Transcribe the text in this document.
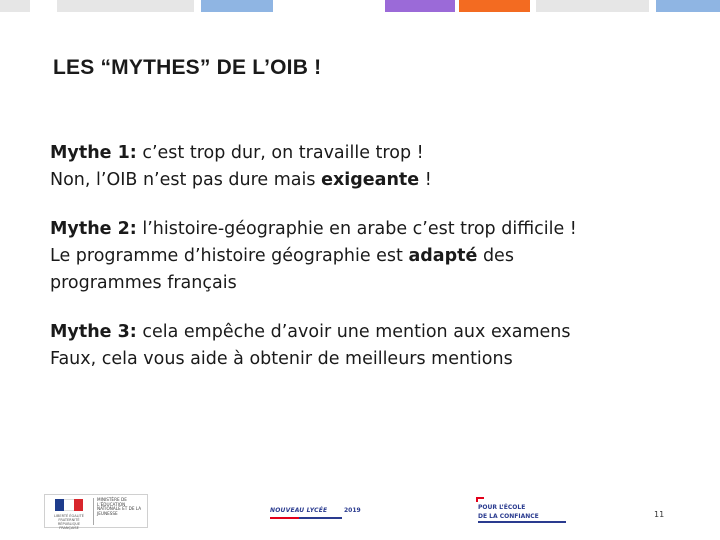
LES “MYTHES” DE L’OIB !

Mythe 1: c’est trop dur, on travaille trop !

Non, l’OIB n’est pas dure mais exigeante !

Mythe 2: l’histoire-géographie en arabe c’est trop difficile !

Le programme d’histoire géographie est adapté des

programmes français

Mythe 3: cela empêche d’avoir une mention aux examens

Faux, cela vous aide à obtenir de meilleurs mentions

LIBERTÉ ÉGALITÉ FRATERNITÉ RÉPUBLIQUE FRANÇAISE
MINISTÈRE DE L’ÉDUCATION NATIONALE ET DE LA JEUNESSE	NOUVEAU LYCÉE	2019	POUR L’ÉCOLE
DE LA CONFIANCE	11
